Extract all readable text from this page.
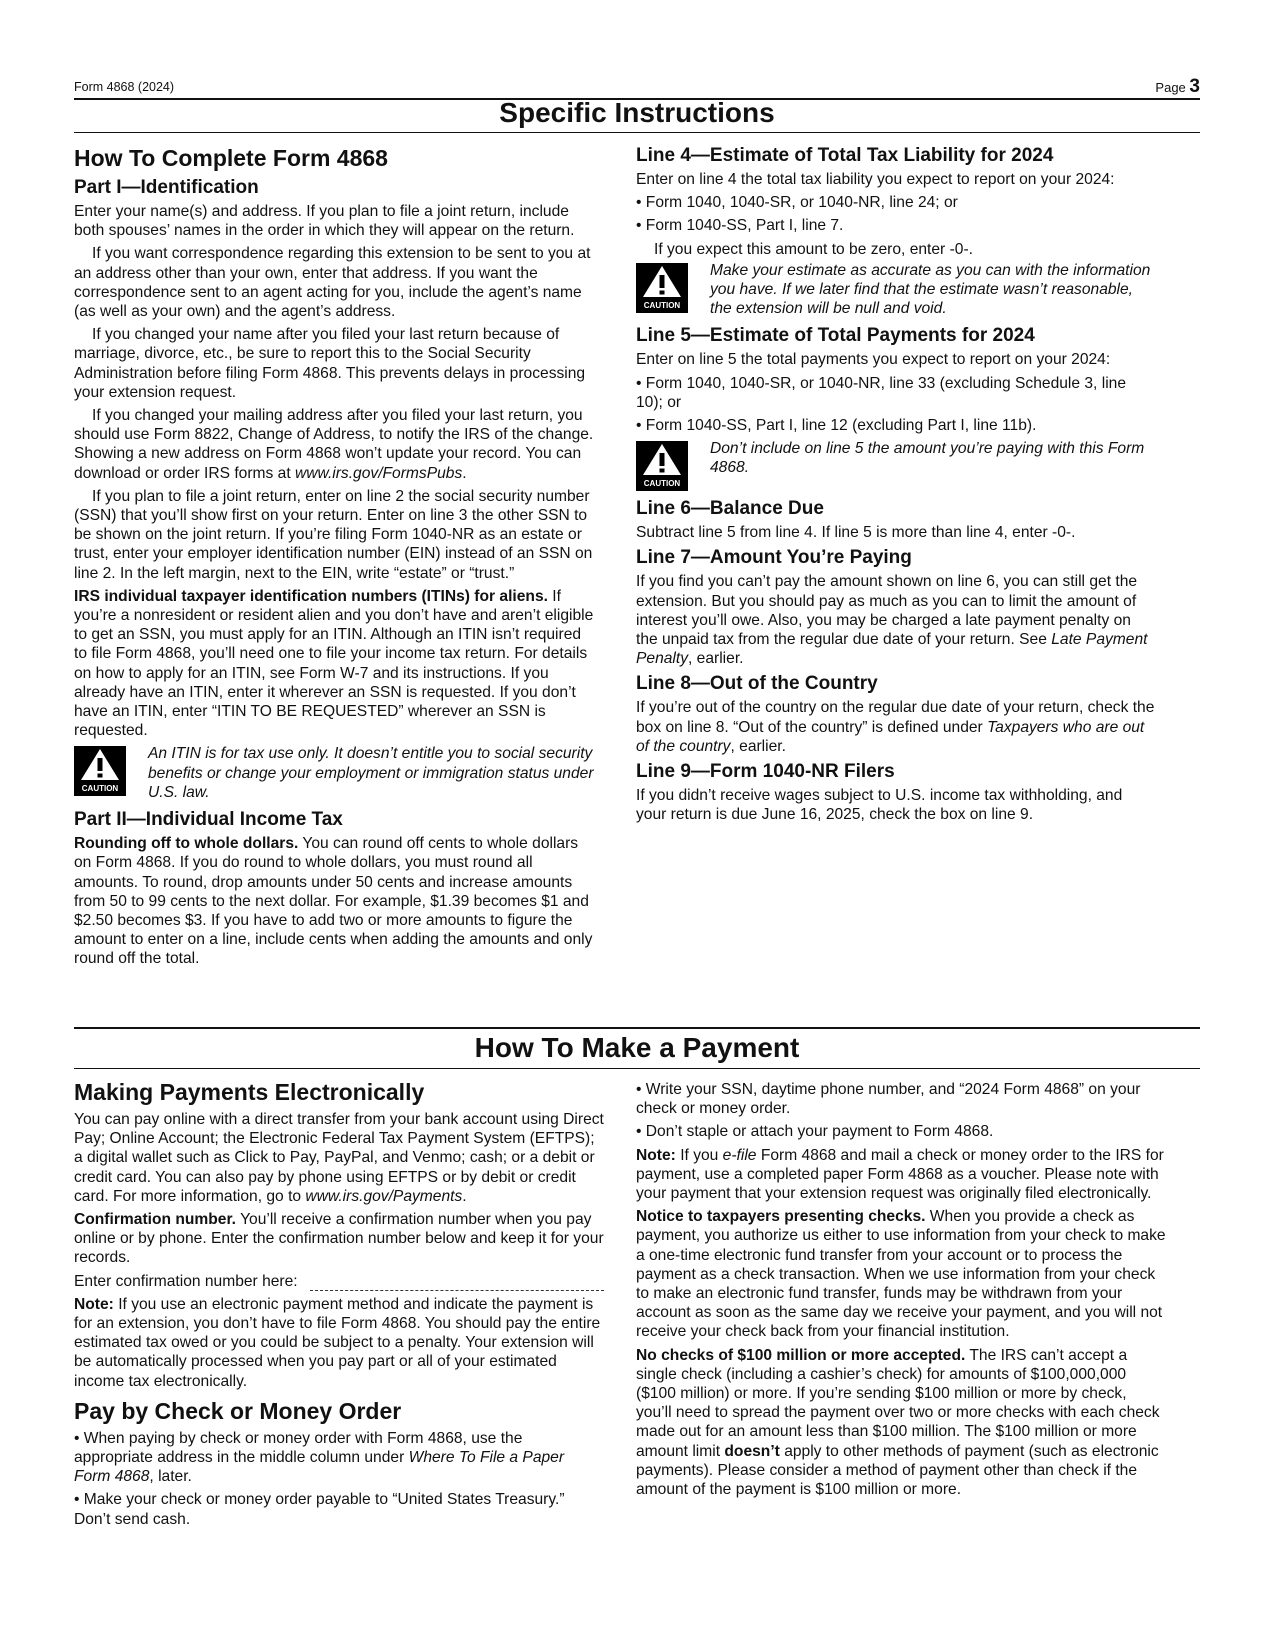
Form 4868 (2024)	Page 3
Specific Instructions
How To Complete Form 4868
Part I—Identification

Enter your name(s) and address. If you plan to file a joint return, include both spouses’ names in the order in which they will appear on the return.

If you want correspondence regarding this extension to be sent to you at an address other than your own, enter that address. If you want the correspondence sent to an agent acting for you, include the agent’s name (as well as your own) and the agent’s address.

If you changed your name after you filed your last return because of marriage, divorce, etc., be sure to report this to the Social Security Administration before filing Form 4868. This prevents delays in processing your extension request.

If you changed your mailing address after you filed your last return, you should use Form 8822, Change of Address, to notify the IRS of the change. Showing a new address on Form 4868 won’t update your record. You can download or order IRS forms at www.irs.gov/FormsPubs.

If you plan to file a joint return, enter on line 2 the social security number (SSN) that you’ll show first on your return. Enter on line 3 the other SSN to be shown on the joint return. If you’re filing Form 1040-NR as an estate or trust, enter your employer identification number (EIN) instead of an SSN on line 2. In the left margin, next to the EIN, write “estate” or “trust.”

IRS individual taxpayer identification numbers (ITINs) for aliens. If you’re a nonresident or resident alien and you don’t have and aren’t eligible to get an SSN, you must apply for an ITIN. Although an ITIN isn’t required to file Form 4868, you’ll need one to file your income tax return. For details on how to apply for an ITIN, see Form W-7 and its instructions. If you already have an ITIN, enter it wherever an SSN is requested. If you don’t have an ITIN, enter “ITIN TO BE REQUESTED” wherever an SSN is requested.

CAUTION
An ITIN is for tax use only. It doesn’t entitle you to social security benefits or change your employment or immigration status under U.S. law.
Part II—Individual Income Tax

Rounding off to whole dollars. You can round off cents to whole dollars on Form 4868. If you do round to whole dollars, you must round all amounts. To round, drop amounts under 50 cents and increase amounts from 50 to 99 cents to the next dollar. For example, $1.39 becomes $1 and $2.50 becomes $3. If you have to add two or more amounts to figure the amount to enter on a line, include cents when adding the amounts and only round off the total.

Line 4—Estimate of Total Tax Liability for 2024

Enter on line 4 the total tax liability you expect to report on your 2024:

• Form 1040, 1040-SR, or 1040-NR, line 24; or

• Form 1040-SS, Part I, line 7.

If you expect this amount to be zero, enter -0-.

CAUTION
Make your estimate as accurate as you can with the information you have. If we later find that the estimate wasn’t reasonable, the extension will be null and void.
Line 5—Estimate of Total Payments for 2024

Enter on line 5 the total payments you expect to report on your 2024:

• Form 1040, 1040-SR, or 1040-NR, line 33 (excluding Schedule 3, line 10); or

• Form 1040-SS, Part I, line 12 (excluding Part I, line 11b).

CAUTION
Don’t include on line 5 the amount you’re paying with this Form 4868.
Line 6—Balance Due

Subtract line 5 from line 4. If line 5 is more than line 4, enter -0-.

Line 7—Amount You’re Paying

If you find you can’t pay the amount shown on line 6, you can still get the extension. But you should pay as much as you can to limit the amount of interest you’ll owe. Also, you may be charged a late payment penalty on the unpaid tax from the regular due date of your return. See Late Payment Penalty, earlier.

Line 8—Out of the Country

If you’re out of the country on the regular due date of your return, check the box on line 8. “Out of the country” is defined under Taxpayers who are out of the country, earlier.

Line 9—Form 1040-NR Filers

If you didn’t receive wages subject to U.S. income tax withholding, and your return is due June 16, 2025, check the box on line 9.

How To Make a Payment
Making Payments Electronically

You can pay online with a direct transfer from your bank account using Direct Pay; Online Account; the Electronic Federal Tax Payment System (EFTPS); a digital wallet such as Click to Pay, PayPal, and Venmo; cash; or a debit or credit card. You can also pay by phone using EFTPS or by debit or credit card. For more information, go to www.irs.gov/Payments.

Confirmation number. You’ll receive a confirmation number when you pay online or by phone. Enter the confirmation number below and keep it for your records.

Enter confirmation number here:

Note: If you use an electronic payment method and indicate the payment is for an extension, you don’t have to file Form 4868. You should pay the entire estimated tax owed or you could be subject to a penalty. Your extension will be automatically processed when you pay part or all of your estimated income tax electronically.

Pay by Check or Money Order

• When paying by check or money order with Form 4868, use the appropriate address in the middle column under Where To File a Paper Form 4868, later.

• Make your check or money order payable to “United States Treasury.” Don’t send cash.

• Write your SSN, daytime phone number, and “2024 Form 4868” on your check or money order.

• Don’t staple or attach your payment to Form 4868.

Note: If you e-file Form 4868 and mail a check or money order to the IRS for payment, use a completed paper Form 4868 as a voucher. Please note with your payment that your extension request was originally filed electronically.

Notice to taxpayers presenting checks. When you provide a check as payment, you authorize us either to use information from your check to make a one-time electronic fund transfer from your account or to process the payment as a check transaction. When we use information from your check to make an electronic fund transfer, funds may be withdrawn from your account as soon as the same day we receive your payment, and you will not receive your check back from your financial institution.

No checks of $100 million or more accepted. The IRS can’t accept a single check (including a cashier’s check) for amounts of $100,000,000 ($100 million) or more. If you’re sending $100 million or more by check, you’ll need to spread the payment over two or more checks with each check made out for an amount less than $100 million. The $100 million or more amount limit doesn’t apply to other methods of payment (such as electronic payments). Please consider a method of payment other than check if the amount of the payment is $100 million or more.
